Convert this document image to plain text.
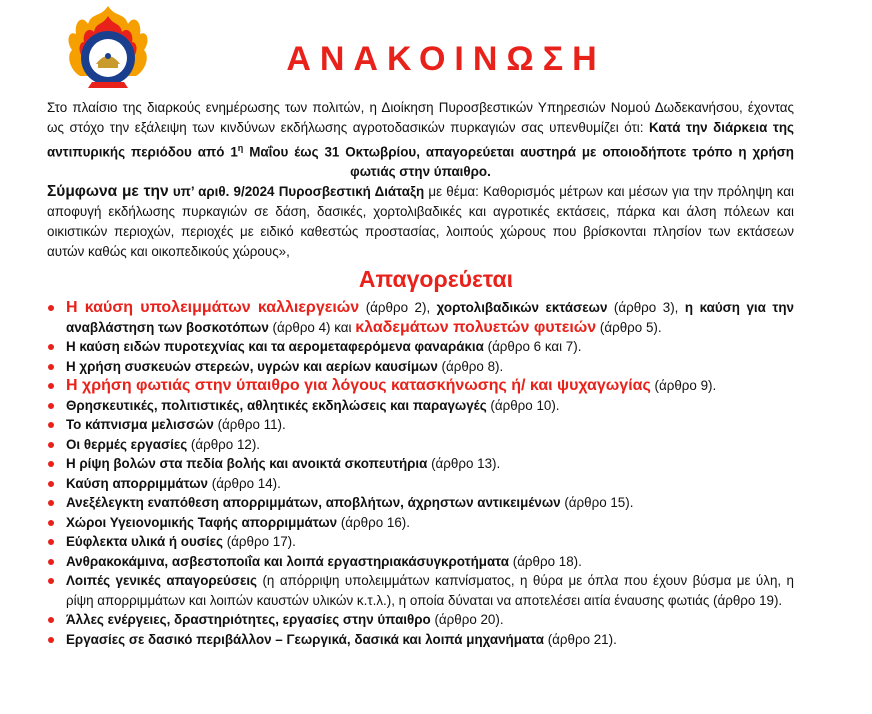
ΑΝΑΚΟΙΝΩΣΗ
Στο πλαίσιο της διαρκούς ενημέρωσης των πολιτών, η Διοίκηση Πυροσβεστικών Υπηρεσιών Νομού Δωδεκανήσου, έχοντας ως στόχο την εξάλειψη των κινδύνων εκδήλωσης αγροτοδασικών πυρκαγιών σας υπενθυμίζει ότι: Κατά την διάρκεια της αντιπυρικής περιόδου από $1^\eta$ Μαΐου έως 31 Οκτωβρίου, απαγορεύεται αυστηρά με οποιοδήποτε τρόπο η χρήση φωτιάς στην ύπαιθρο.
Σύμφωνα με την υπ’ αριθ. 9/2024 Πυροσβεστική Διάταξη με θέμα: Καθορισμός μέτρων και μέσων για την πρόληψη και αποφυγή εκδήλωσης πυρκαγιών σε δάση, δασικές, χορτολιβαδικές και αγροτικές εκτάσεις, πάρκα και άλση πόλεων και οικιστικών περιοχών, περιοχές με ειδικό καθεστώς προστασίας, λοιπούς χώρους που βρίσκονται πλησίον των εκτάσεων αυτών καθώς και οικοπεδικούς χώρους»,
Απαγορεύεται
Η καύση υπολειμμάτων καλλιεργειών (άρθρο 2), χορτολιβαδικών εκτάσεων (άρθρο 3), η καύση για την αναβλάστηση των βοσκοτόπων (άρθρο 4) και κλαδεμάτων πολυετών φυτειών (άρθρο 5).
Η καύση ειδών πυροτεχνίας και τα αερομεταφερόμενα φαναράκια (άρθρο 6 και 7).
Η χρήση συσκευών στερεών, υγρών και αερίων καυσίμων (άρθρο 8).
Η χρήση φωτιάς στην ύπαιθρο για λόγους κατασκήνωσης ή/ και ψυχαγωγίας (άρθρο 9).
Θρησκευτικές, πολιτιστικές, αθλητικές εκδηλώσεις και παραγωγές (άρθρο 10).
Το κάπνισμα μελισσών (άρθρο 11).
Οι θερμές εργασίες (άρθρο 12).
Η ρίψη βολών στα πεδία βολής και ανοικτά σκοπευτήρια (άρθρο 13).
Καύση απορριμμάτων (άρθρο 14).
Ανεξέλεγκτη εναπόθεση απορριμμάτων, αποβλήτων, άχρηστων αντικειμένων (άρθρο 15).
Χώροι Υγειονομικής Ταφής απορριμμάτων (άρθρο 16).
Εύφλεκτα υλικά ή ουσίες (άρθρο 17).
Ανθρακοκάμινα, ασβεστοποιΐα και λοιπά εργαστηριακάσυγκροτήματα (άρθρο 18).
Λοιπές γενικές απαγορεύσεις (η απόρριψη υπολειμμάτων καπνίσματος, η θύρα με όπλα που έχουν βύσμα με ύλη, η ρίψη απορριμμάτων και λοιπών καυστών υλικών κ.τ.λ.), η οποία δύναται να αποτελέσει αιτία έναυσης φωτιάς (άρθρο 19).
Άλλες ενέργειες, δραστηριότητες, εργασίες στην ύπαιθρο (άρθρο 20).
Εργασίες σε δασικό περιβάλλον – Γεωργικά, δασικά και λοιπά μηχανήματα (άρθρο 21).
